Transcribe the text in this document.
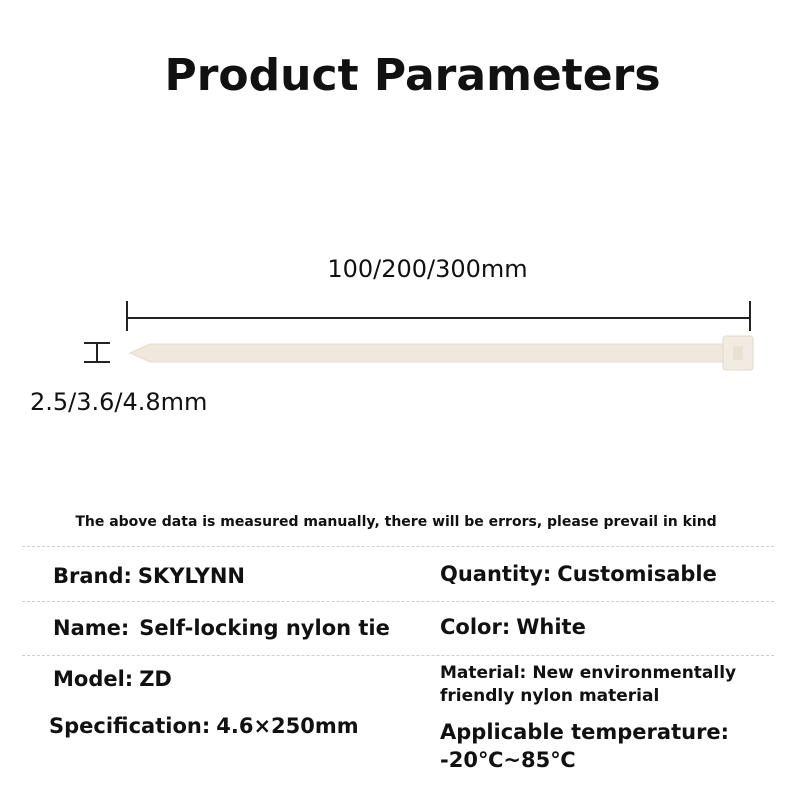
Product Parameters
100/200/300mm
2.5/3.6/4.8mm
The above data is measured manually, there will be errors, please prevail in kind
Brand: SKYLYNN	Quantity: Customisable
Name: Self-locking nylon tie Color: White
Model: ZD	Material: New environmentally
friendly nylon material
Specification: 4.6×250mm	Applicable temperature:
-20℃~85℃
